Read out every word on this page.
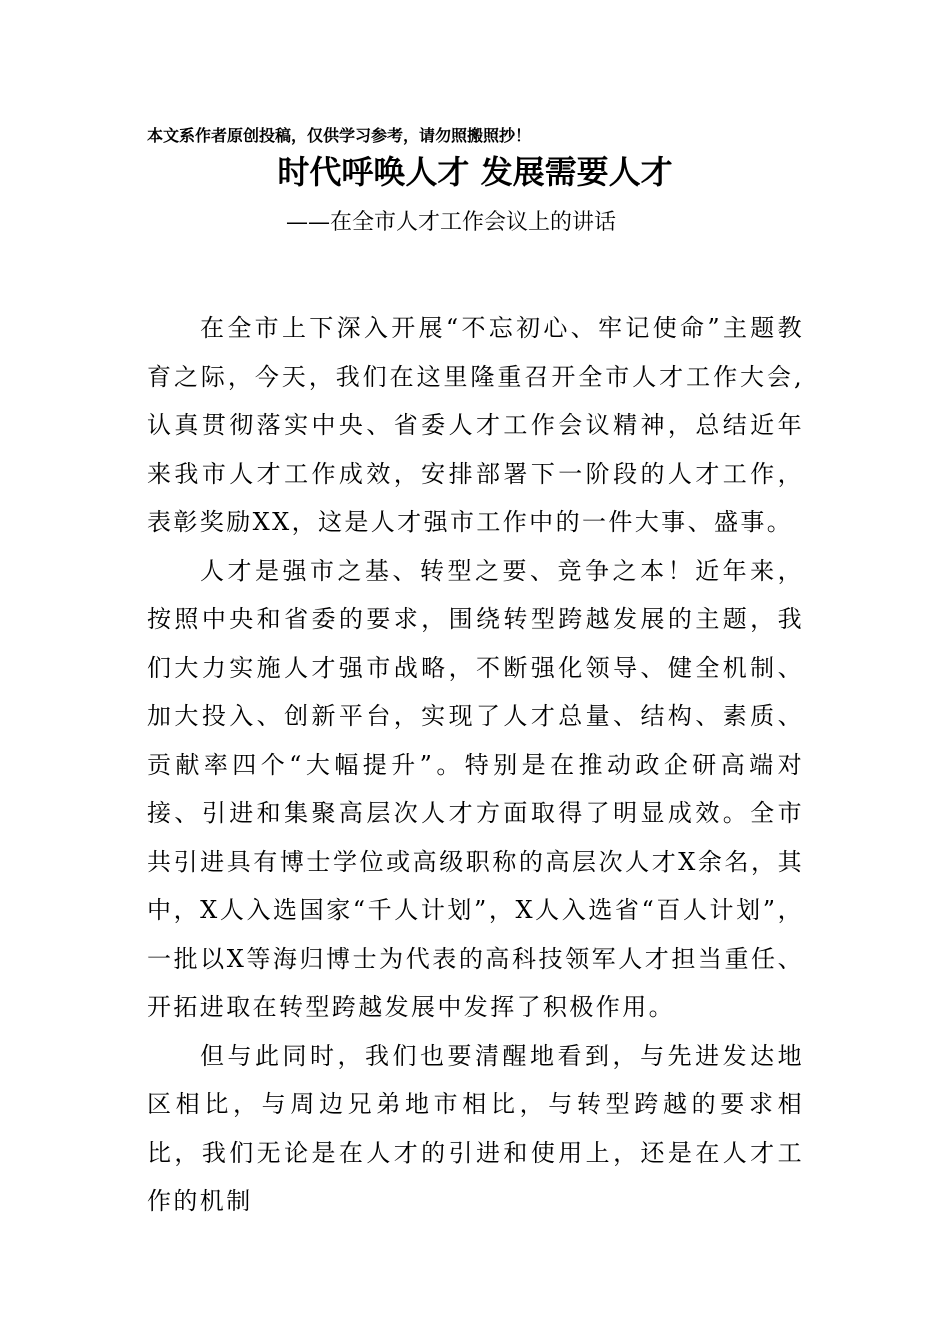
本文系作者原创投稿，仅供学习参考，请勿照搬照抄！
时代呼唤人才 发展需要人才
——在全市人才工作会议上的讲话

在全市上下深入开展“不忘初心、牢记使命”主题教育之际，今天，我们在这里隆重召开全市人才工作大会,认真贯彻落实中央、省委人才工作会议精神，总结近年来我市人才工作成效，安排部署下一阶段的人才工作，表彰奖励XX，这是人才强市工作中的一件大事、盛事。

人才是强市之基、转型之要、竞争之本！近年来，按照中央和省委的要求，围绕转型跨越发展的主题，我们大力实施人才强市战略，不断强化领导、健全机制、加大投入、创新平台，实现了人才总量、结构、素质、贡献率四个“大幅提升”。特别是在推动政企研高端对接、引进和集聚高层次人才方面取得了明显成效。全市共引进具有博士学位或高级职称的高层次人才X余名，其中，X人入选国家“千人计划”，X人入选省“百人计划”，一批以X等海归博士为代表的高科技领军人才担当重任、开拓进取在转型跨越发展中发挥了积极作用。

但与此同时，我们也要清醒地看到，与先进发达地区相比，与周边兄弟地市相比，与转型跨越的要求相比，我们无论是在人才的引进和使用上，还是在人才工作的机制
